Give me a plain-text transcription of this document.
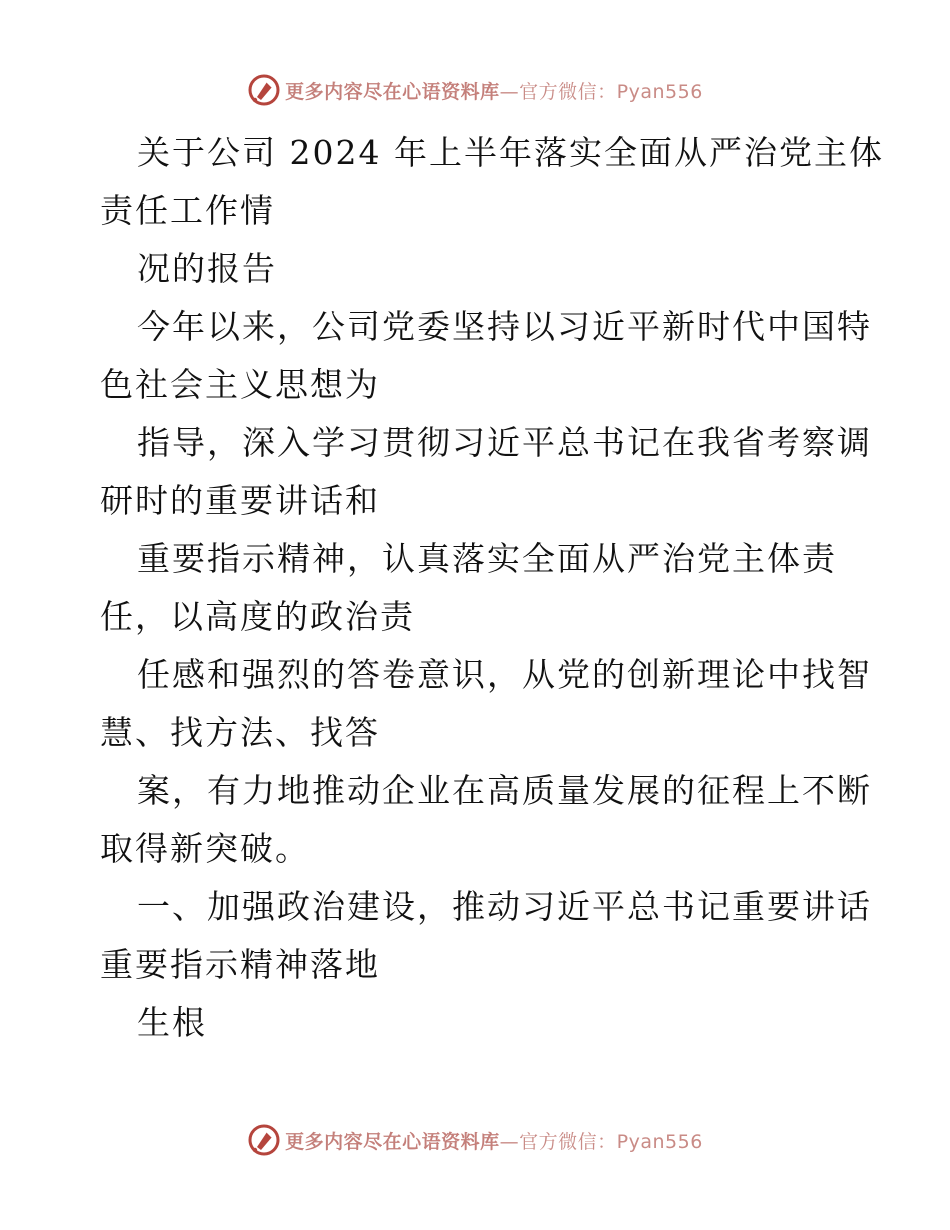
更多内容尽在心语资料库—官方微信：Pyan556
关于公司 2024 年上半年落实全面从严治党主体
责任工作情
况的报告
今年以来，公司党委坚持以习近平新时代中国特
色社会主义思想为
指导，深入学习贯彻习近平总书记在我省考察调
研时的重要讲话和
重要指示精神，认真落实全面从严治党主体责
任，以高度的政治责
任感和强烈的答卷意识，从党的创新理论中找智
慧、找方法、找答
案，有力地推动企业在高质量发展的征程上不断
取得新突破。
一、加强政治建设，推动习近平总书记重要讲话
重要指示精神落地
生根
更多内容尽在心语资料库—官方微信：Pyan556
